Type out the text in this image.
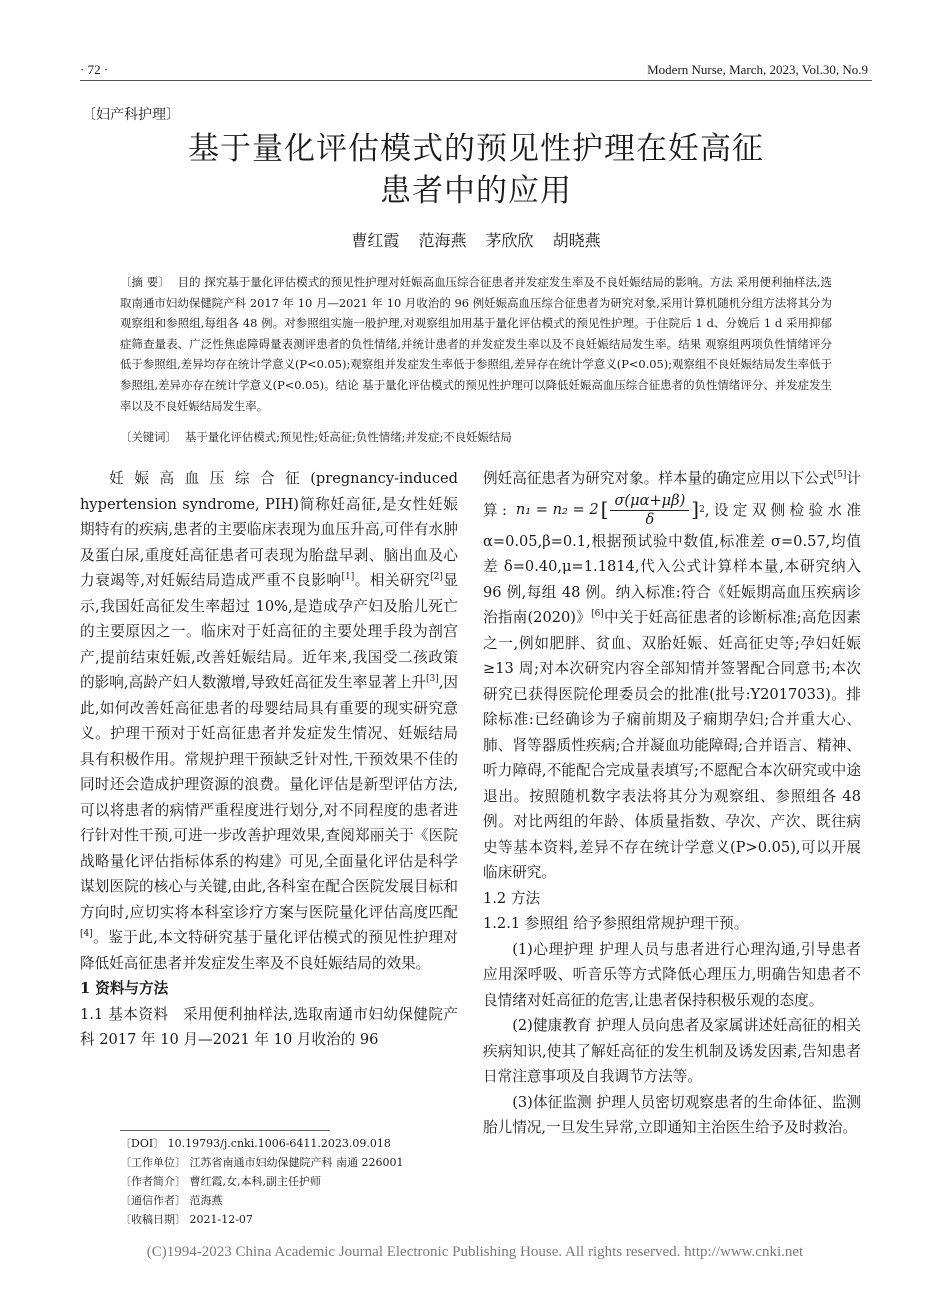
· 72 ·	Modern Nurse, March, 2023, Vol.30, No.9
〔妇产科护理〕
基于量化评估模式的预见性护理在妊高征
患者中的应用
曹红霞 范海燕 茅欣欣 胡晓燕
〔摘 要〕 目的 探究基于量化评估模式的预见性护理对妊娠高血压综合征患者并发症发生率及不良妊娠结局的影响。方法 采用便利抽样法,选取南通市妇幼保健院产科 2017 年 10 月—2021 年 10 月收治的 96 例妊娠高血压综合征患者为研究对象,采用计算机随机分组方法将其分为观察组和参照组,每组各 48 例。对参照组实施一般护理,对观察组加用基于量化评估模式的预见性护理。于住院后 1 d、分娩后 1 d 采用抑郁症筛查量表、广泛性焦虑障碍量表测评患者的负性情绪,并统计患者的并发症发生率以及不良妊娠结局发生率。结果 观察组两项负性情绪评分低于参照组,差异均存在统计学意义(P<0.05);观察组并发症发生率低于参照组,差异存在统计学意义(P<0.05);观察组不良妊娠结局发生率低于参照组,差异亦存在统计学意义(P<0.05)。结论 基于量化评估模式的预见性护理可以降低妊娠高血压综合征患者的负性情绪评分、并发症发生率以及不良妊娠结局发生率。
〔关键词〕 基于量化评估模式;预见性;妊高征;负性情绪;并发症;不良妊娠结局

妊娠高血压综合征(pregnancy-induced hypertension syndrome, PIH)简称妊高征,是女性妊娠期特有的疾病,患者的主要临床表现为血压升高,可伴有水肿及蛋白尿,重度妊高征患者可表现为胎盘早剥、脑出血及心力衰竭等,对妊娠结局造成严重不良影响[1]。相关研究[2]显示,我国妊高征发生率超过 10%,是造成孕产妇及胎儿死亡的主要原因之一。临床对于妊高征的主要处理手段为剖宫产,提前结束妊娠,改善妊娠结局。近年来,我国受二孩政策的影响,高龄产妇人数激增,导致妊高征发生率显著上升[3],因此,如何改善妊高征患者的母婴结局具有重要的现实研究意义。护理干预对于妊高征患者并发症发生情况、妊娠结局具有积极作用。常规护理干预缺乏针对性,干预效果不佳的同时还会造成护理资源的浪费。量化评估是新型评估方法,可以将患者的病情严重程度进行划分,对不同程度的患者进行针对性干预,可进一步改善护理效果,查阅郑丽关于《医院战略量化评估指标体系的构建》可见,全面量化评估是科学谋划医院的核心与关键,由此,各科室在配合医院发展目标和方向时,应切实将本科室诊疗方案与医院量化评估高度匹配[4]。鉴于此,本文特研究基于量化评估模式的预见性护理对降低妊高征患者并发症发生率及不良妊娠结局的效果。

1 资料与方法

1.1 基本资料 采用便利抽样法,选取南通市妇幼保健院产科 2017 年 10 月—2021 年 10 月收治的 96

例妊高征患者为研究对象。样本量的确定应用以下公式[5]计算: n₁ = n₂ = 2 [ $\frac{\sigma(\mu\alpha+\mu\beta)}{\delta}$ ] 2 ,设定双侧检验水准 α=0.05,β=0.1,根据预试验中数值,标准差 σ=0.57,均值差 δ=0.40,μ=1.1814,代入公式计算样本量,本研究纳入 96 例,每组 48 例。纳入标准:符合《妊娠期高血压疾病诊治指南(2020)》[6]中关于妊高征患者的诊断标准;高危因素之一,例如肥胖、贫血、双胎妊娠、妊高征史等;孕妇妊娠≥13 周;对本次研究内容全部知情并签署配合同意书;本次研究已获得医院伦理委员会的批准(批号:Y2017033)。排除标准:已经确诊为子痫前期及子痫期孕妇;合并重大心、肺、肾等器质性疾病;合并凝血功能障碍;合并语言、精神、听力障碍,不能配合完成量表填写;不愿配合本次研究或中途退出。按照随机数字表法将其分为观察组、参照组各 48 例。对比两组的年龄、体质量指数、孕次、产次、既往病史等基本资料,差异不存在统计学意义(P>0.05),可以开展临床研究。

1.2 方法

1.2.1 参照组 给予参照组常规护理干预。

(1)心理护理 护理人员与患者进行心理沟通,引导患者应用深呼吸、听音乐等方式降低心理压力,明确告知患者不良情绪对妊高征的危害,让患者保持积极乐观的态度。

(2)健康教育 护理人员向患者及家属讲述妊高征的相关疾病知识,使其了解妊高征的发生机制及诱发因素,告知患者日常注意事项及自我调节方法等。

(3)体征监测 护理人员密切观察患者的生命体征、监测胎儿情况,一旦发生异常,立即通知主治医生给予及时救治。

〔DOI〕 10.19793/j.cnki.1006-6411.2023.09.018
〔工作单位〕 江苏省南通市妇幼保健院产科 南通 226001
〔作者简介〕 曹红霞,女,本科,副主任护师
〔通信作者〕 范海燕
〔收稿日期〕 2021-12-07
(C)1994-2023 China Academic Journal Electronic Publishing House. All rights reserved. http://www.cnki.net
